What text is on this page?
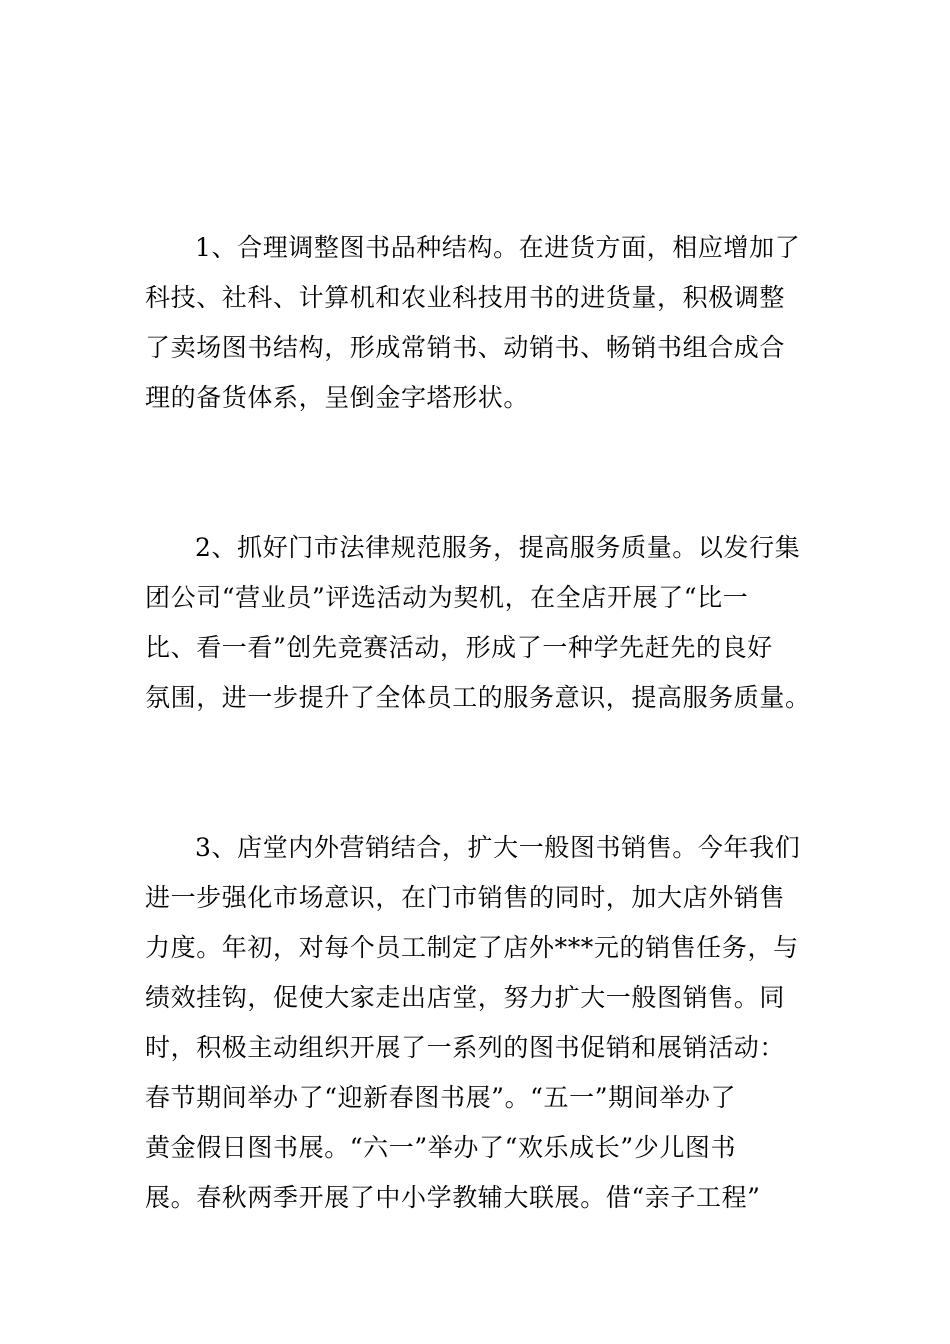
1、合理调整图书品种结构。在进货方面，相应增加了
科技、社科、计算机和农业科技用书的进货量，积极调整
了卖场图书结构，形成常销书、动销书、畅销书组合成合
理的备货体系，呈倒金字塔形状。
2、抓好门市法律规范服务，提高服务质量。以发行集
团公司“营业员”评选活动为契机，在全店开展了“比一
比、看一看”创先竞赛活动，形成了一种学先赶先的良好
氛围，进一步提升了全体员工的服务意识，提高服务质量。
3、店堂内外营销结合，扩大一般图书销售。今年我们
进一步强化市场意识，在门市销售的同时，加大店外销售
力度。年初，对每个员工制定了店外***元的销售任务，与
绩效挂钩，促使大家走出店堂，努力扩大一般图销售。同
时，积极主动组织开展了一系列的图书促销和展销活动：
春节期间举办了“迎新春图书展”。“五一”期间举办了
黄金假日图书展。“六一”举办了“欢乐成长”少儿图书
展。春秋两季开展了中小学教辅大联展。借“亲子工程”
